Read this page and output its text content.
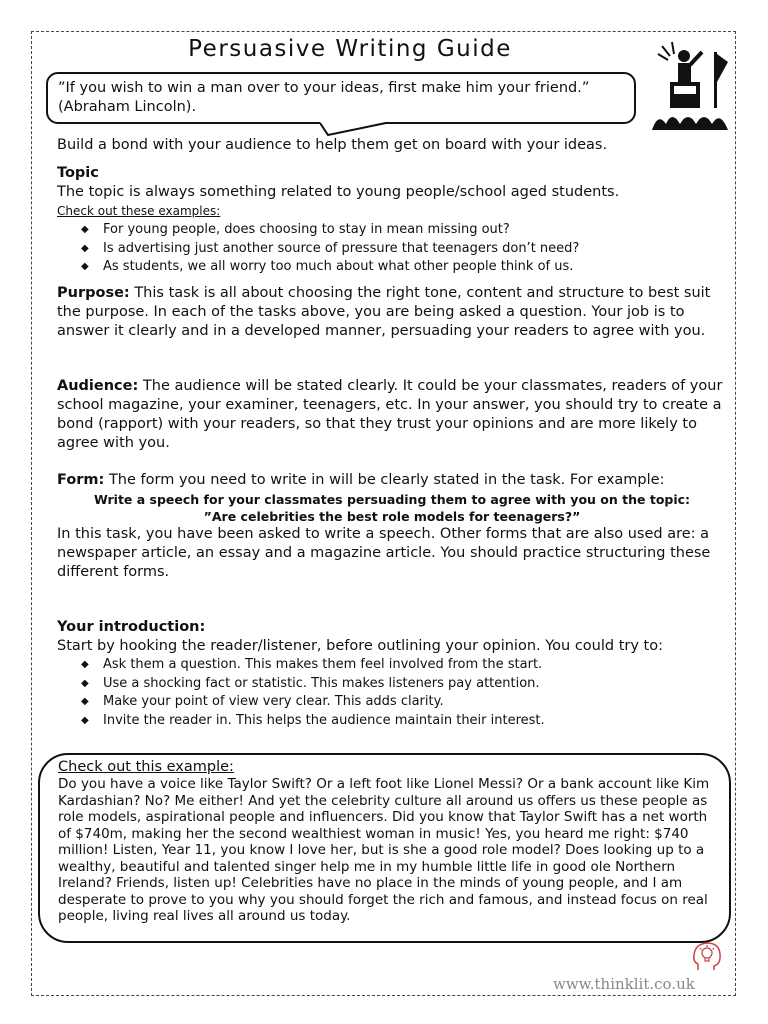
Persuasive Writing Guide
”If you wish to win a man over to your ideas, first make him your friend.” (Abraham Lincoln).
Build a bond with your audience to help them get on board with your ideas.
Topic
The topic is always something related to young people/school aged students.
Check out these examples:
◆ For young people, does choosing to stay in mean missing out?
◆ Is advertising just another source of pressure that teenagers don’t need?
◆ As students, we all worry too much about what other people think of us.
Purpose: This task is all about choosing the right tone, content and structure to best suit the purpose. In each of the tasks above, you are being asked a question. Your job is to answer it clearly and in a developed manner, persuading your readers to agree with you.
Audience: The audience will be stated clearly. It could be your classmates, readers of your school magazine, your examiner, teenagers, etc. In your answer, you should try to create a bond (rapport) with your readers, so that they trust your opinions and are more likely to agree with you.
Form: The form you need to write in will be clearly stated in the task. For example:
Write a speech for your classmates persuading them to agree with you on the topic:
”Are celebrities the best role models for teenagers?”
In this task, you have been asked to write a speech. Other forms that are also used are: a newspaper article, an essay and a magazine article. You should practice structuring these different forms.
Your introduction:
Start by hooking the reader/listener, before outlining your opinion. You could try to:
◆ Ask them a question. This makes them feel involved from the start.
◆ Use a shocking fact or statistic. This makes listeners pay attention.
◆ Make your point of view very clear. This adds clarity.
◆ Invite the reader in. This helps the audience maintain their interest.
Check out this example:
Do you have a voice like Taylor Swift? Or a left foot like Lionel Messi? Or a bank account like Kim Kardashian? No? Me either! And yet the celebrity culture all around us offers us these people as role models, aspirational people and influencers. Did you know that Taylor Swift has a net worth of $740m, making her the second wealthiest woman in music! Yes, you heard me right: $740 million! Listen, Year 11, you know I love her, but is she a good role model? Does looking up to a wealthy, beautiful and talented singer help me in my humble little life in good ole Northern Ireland? Friends, listen up! Celebrities have no place in the minds of young people, and I am desperate to prove to you why you should forget the rich and famous, and instead focus on real people, living real lives all around us today.
www.thinklit.co.uk
